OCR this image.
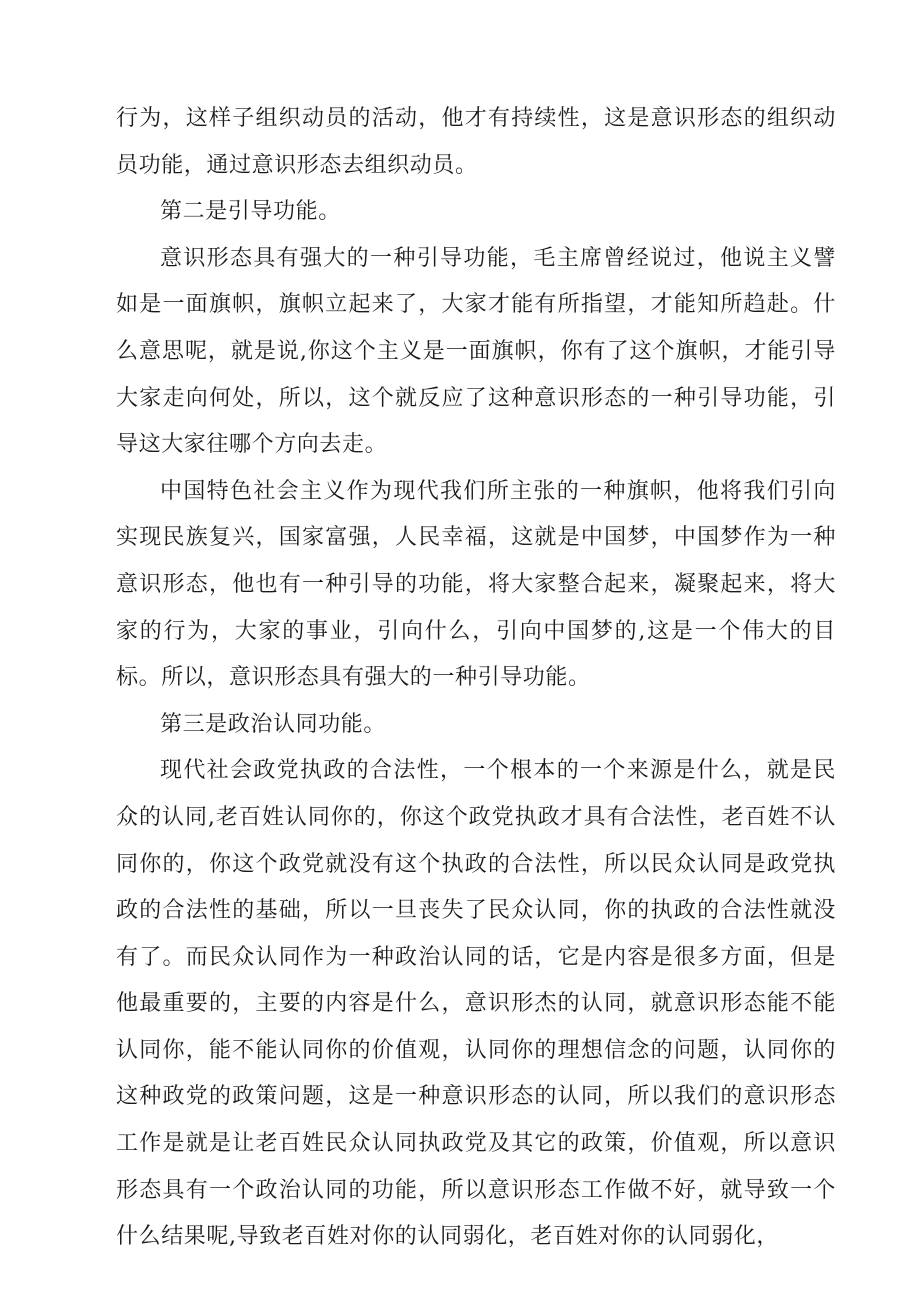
行为，这样子组织动员的活动，他才有持续性，这是意识形态的组织动员功能，通过意识形态去组织动员。

第二是引导功能。

意识形态具有强大的一种引导功能，毛主席曾经说过，他说主义譬如是一面旗帜，旗帜立起来了，大家才能有所指望，才能知所趋赴。什么意思呢，就是说,你这个主义是一面旗帜，你有了这个旗帜，才能引导大家走向何处，所以，这个就反应了这种意识形态的一种引导功能，引导这大家往哪个方向去走。

中国特色社会主义作为现代我们所主张的一种旗帜，他将我们引向实现民族复兴，国家富强，人民幸福，这就是中国梦，中国梦作为一种意识形态，他也有一种引导的功能，将大家整合起来，凝聚起来，将大家的行为，大家的事业，引向什么，引向中国梦的,这是一个伟大的目标。所以，意识形态具有强大的一种引导功能。

第三是政治认同功能。

现代社会政党执政的合法性，一个根本的一个来源是什么，就是民众的认同,老百姓认同你的，你这个政党执政才具有合法性，老百姓不认同你的，你这个政党就没有这个执政的合法性，所以民众认同是政党执政的合法性的基础，所以一旦丧失了民众认同，你的执政的合法性就没有了。而民众认同作为一种政治认同的话，它是内容是很多方面，但是他最重要的，主要的内容是什么，意识形杰的认同，就意识形态能不能认同你，能不能认同你的价值观，认同你的理想信念的问题，认同你的这种政党的政策问题，这是一种意识形态的认同，所以我们的意识形态工作是就是让老百姓民众认同执政党及其它的政策，价值观，所以意识形态具有一个政治认同的功能，所以意识形态工作做不好，就导致一个什么结果呢,导致老百姓对你的认同弱化，老百姓对你的认同弱化，
